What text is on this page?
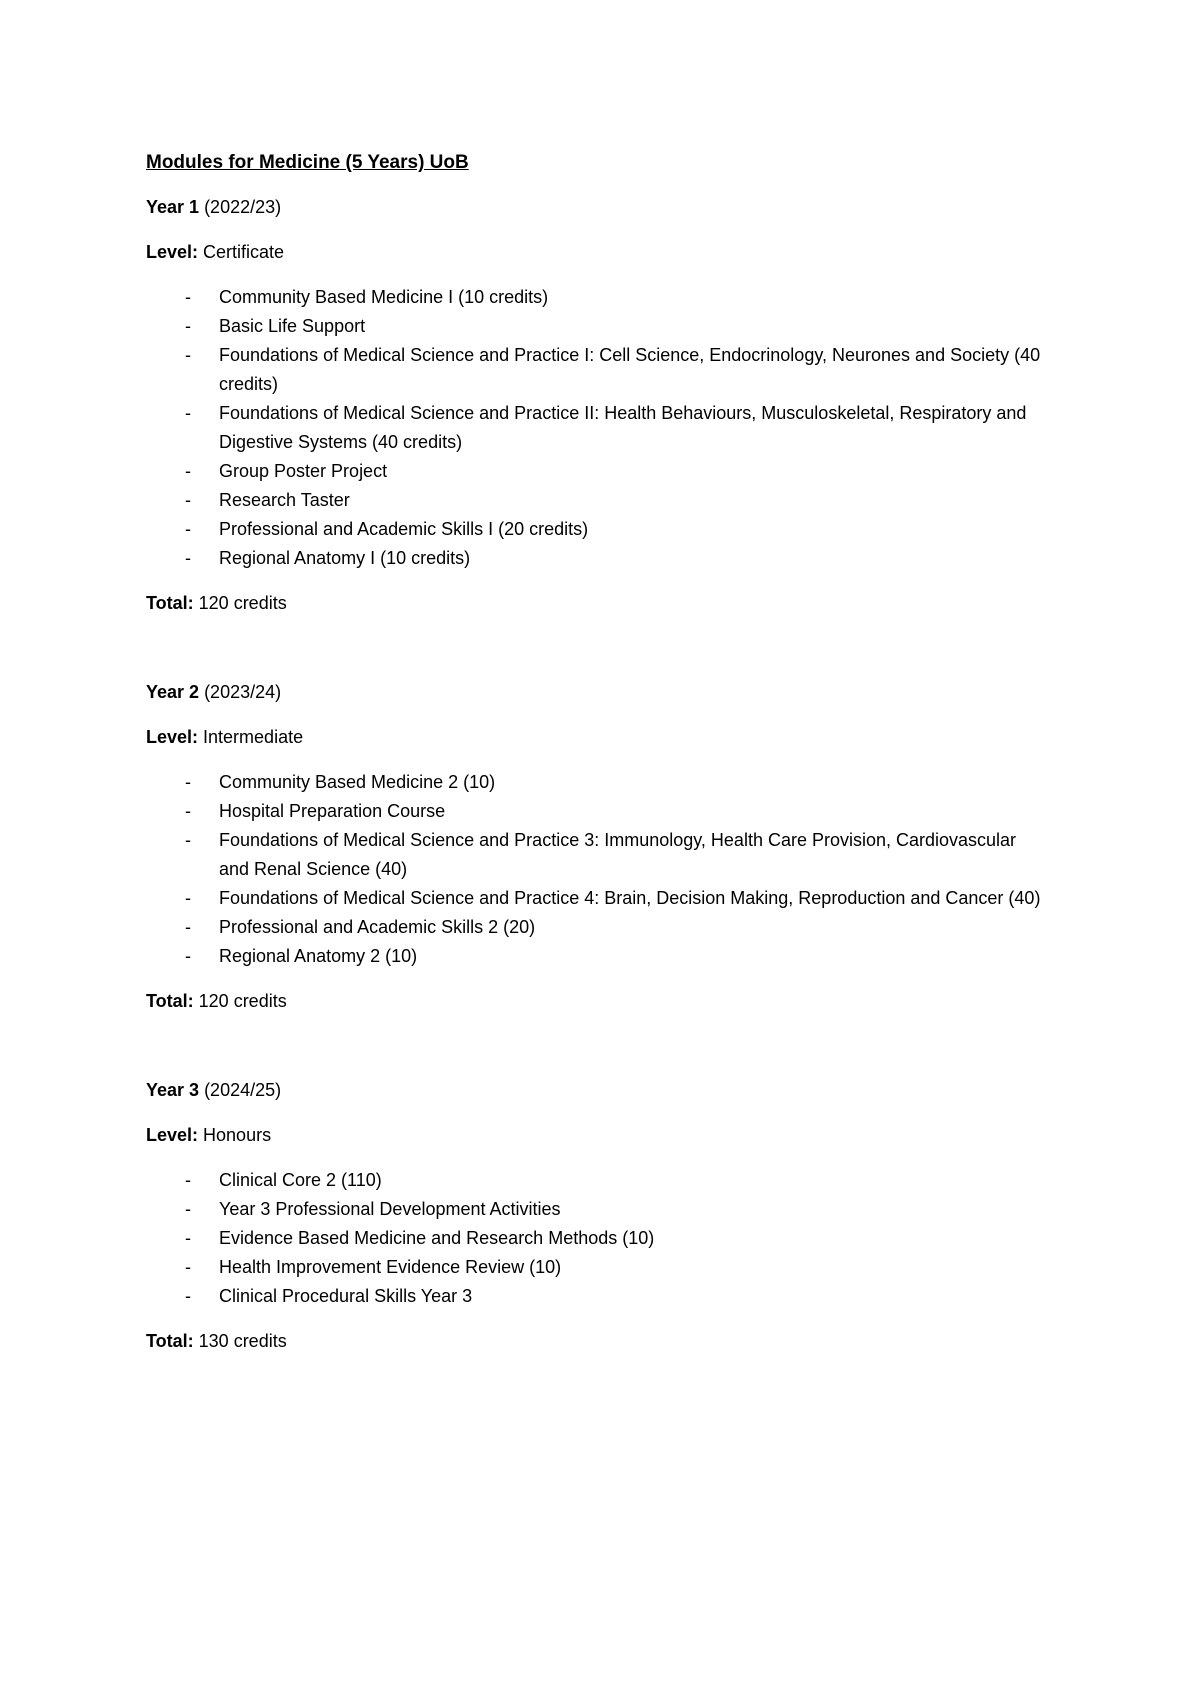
Modules for Medicine (5 Years) UoB

Year 1 (2022/23)

Level: Certificate

- Community Based Medicine I (10 credits)
- Basic Life Support
- Foundations of Medical Science and Practice I: Cell Science, Endocrinology, Neurones and Society (40 credits)
- Foundations of Medical Science and Practice II: Health Behaviours, Musculoskeletal, Respiratory and Digestive Systems (40 credits)
- Group Poster Project
- Research Taster
- Professional and Academic Skills I (20 credits)
- Regional Anatomy I (10 credits)

Total: 120 credits

Year 2 (2023/24)

Level: Intermediate

- Community Based Medicine 2 (10)
- Hospital Preparation Course
- Foundations of Medical Science and Practice 3: Immunology, Health Care Provision, Cardiovascular and Renal Science (40)
- Foundations of Medical Science and Practice 4: Brain, Decision Making, Reproduction and Cancer (40)
- Professional and Academic Skills 2 (20)
- Regional Anatomy 2 (10)

Total: 120 credits

Year 3 (2024/25)

Level: Honours

- Clinical Core 2 (110)
- Year 3 Professional Development Activities
- Evidence Based Medicine and Research Methods (10)
- Health Improvement Evidence Review (10)
- Clinical Procedural Skills Year 3

Total: 130 credits
